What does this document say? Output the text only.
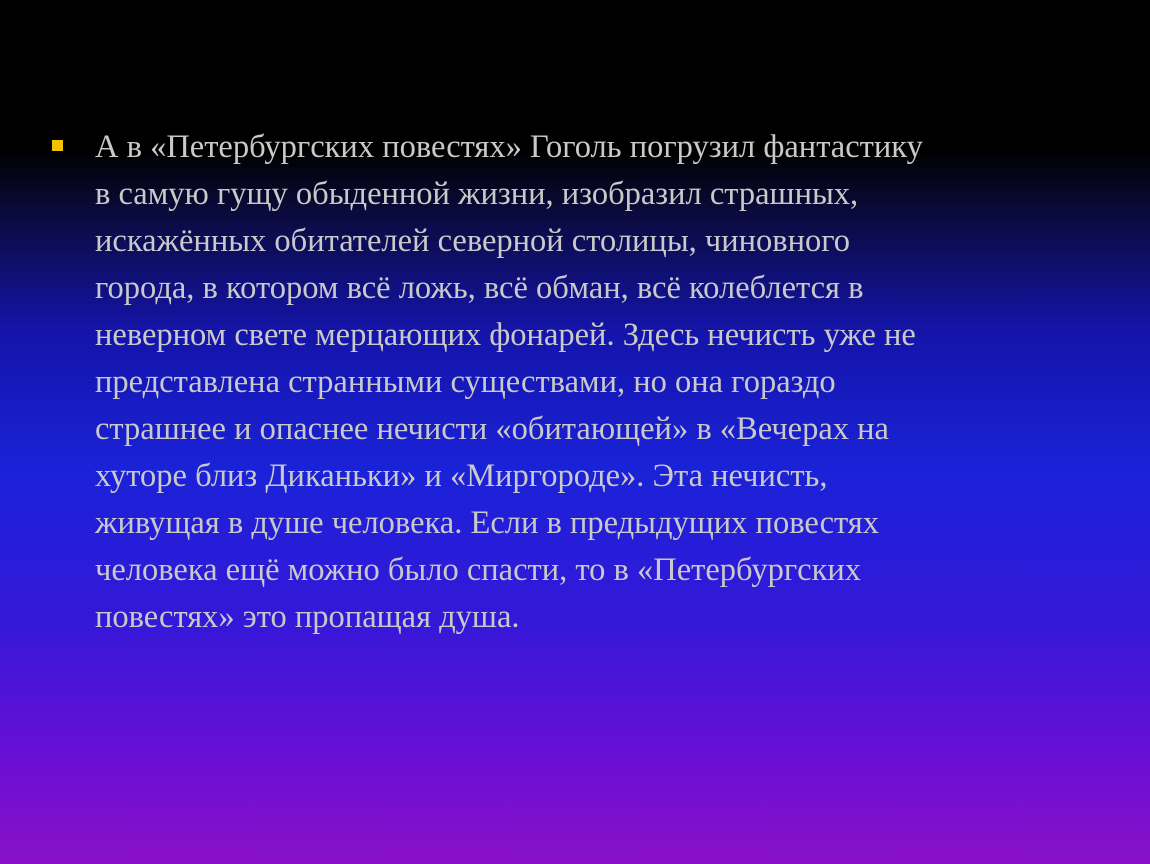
А в «Петербургских повестях» Гоголь погрузил фантастику
в самую гущу обыденной жизни, изобразил страшных,
искажённых обитателей северной столицы, чиновного
города, в котором всё ложь, всё обман, всё колеблется в
неверном свете мерцающих фонарей. Здесь нечисть уже не
представлена странными существами, но она гораздо
страшнее и опаснее нечисти «обитающей» в «Вечерах на
хуторе близ Диканьки» и «Миргороде». Эта нечисть,
живущая в душе человека. Если в предыдущих повестях
человека ещё можно было спасти, то в «Петербургских
повестях» это пропащая душа.
